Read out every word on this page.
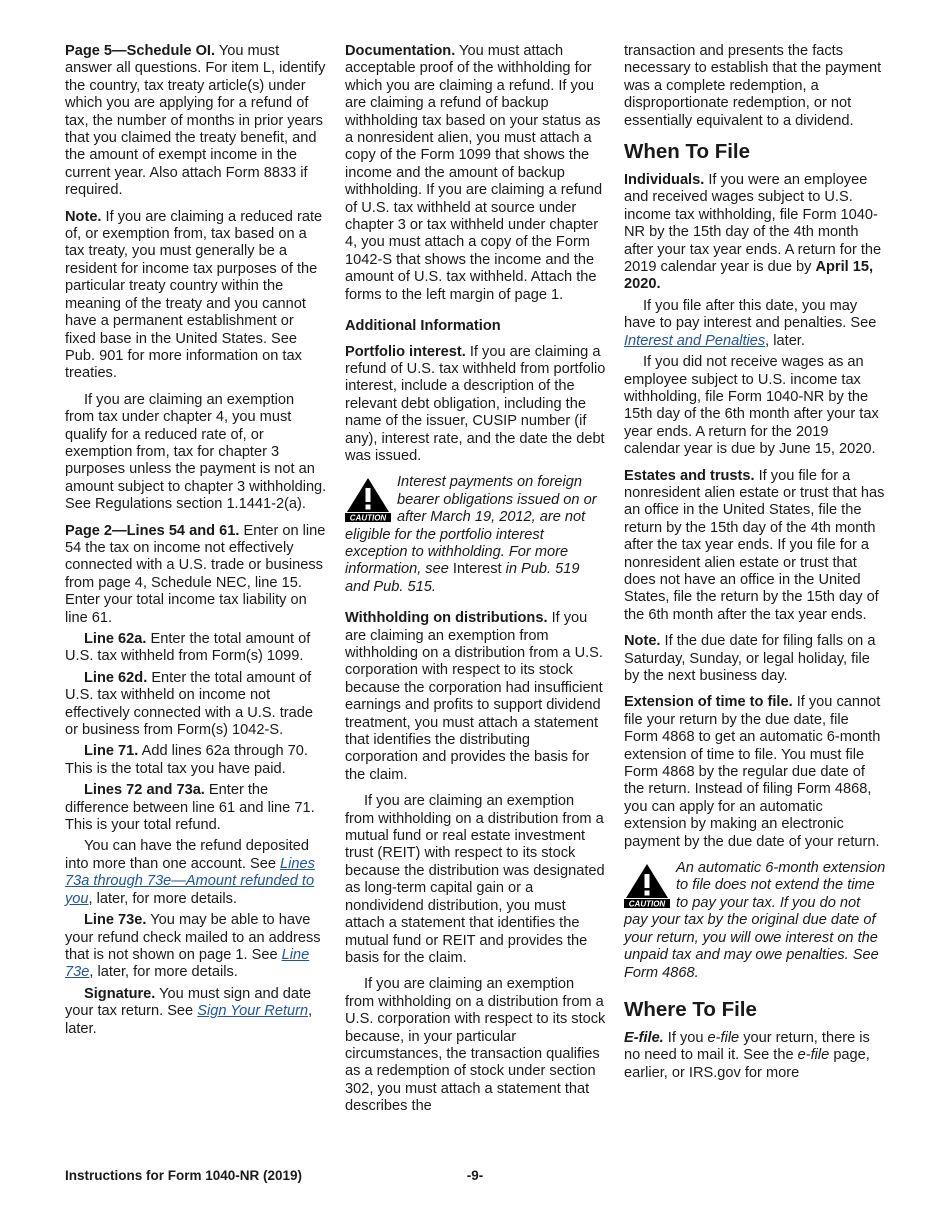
Page 5—Schedule OI. You must answer all questions. For item L, identify the country, tax treaty article(s) under which you are applying for a refund of tax, the number of months in prior years that you claimed the treaty benefit, and the amount of exempt income in the current year. Also attach Form 8833 if required.

Note. If you are claiming a reduced rate of, or exemption from, tax based on a tax treaty, you must generally be a resident for income tax purposes of the particular treaty country within the meaning of the treaty and you cannot have a permanent establishment or fixed base in the United States. See Pub. 901 for more information on tax treaties.

If you are claiming an exemption from tax under chapter 4, you must qualify for a reduced rate of, or exemption from, tax for chapter 3 purposes unless the payment is not an amount subject to chapter 3 withholding. See Regulations section 1.1441-2(a).

Page 2—Lines 54 and 61. Enter on line 54 the tax on income not effectively connected with a U.S. trade or business from page 4, Schedule NEC, line 15. Enter your total income tax liability on line 61.

Line 62a. Enter the total amount of U.S. tax withheld from Form(s) 1099.

Line 62d. Enter the total amount of U.S. tax withheld on income not effectively connected with a U.S. trade or business from Form(s) 1042-S.

Line 71. Add lines 62a through 70. This is the total tax you have paid.

Lines 72 and 73a. Enter the difference between line 61 and line 71. This is your total refund.

You can have the refund deposited into more than one account. See Lines 73a through 73e—Amount refunded to you, later, for more details.

Line 73e. You may be able to have your refund check mailed to an address that is not shown on page 1. See Line 73e, later, for more details.

Signature. You must sign and date your tax return. See Sign Your Return, later.

Documentation. You must attach acceptable proof of the withholding for which you are claiming a refund. If you are claiming a refund of backup withholding tax based on your status as a nonresident alien, you must attach a copy of the Form 1099 that shows the income and the amount of backup withholding. If you are claiming a refund of U.S. tax withheld at source under chapter 3 or tax withheld under chapter 4, you must attach a copy of the Form 1042-S that shows the income and the amount of U.S. tax withheld. Attach the forms to the left margin of page 1.

Additional Information

Portfolio interest. If you are claiming a refund of U.S. tax withheld from portfolio interest, include a description of the relevant debt obligation, including the name of the issuer, CUSIP number (if any), interest rate, and the date the debt was issued.

CAUTION
Interest payments on foreign bearer obligations issued on or after March 19, 2012, are not eligible for the portfolio interest exception to withholding. For more information, see Interest in Pub. 519 and Pub. 515.

Withholding on distributions. If you are claiming an exemption from withholding on a distribution from a U.S. corporation with respect to its stock because the corporation had insufficient earnings and profits to support dividend treatment, you must attach a statement that identifies the distributing corporation and provides the basis for the claim.

If you are claiming an exemption from withholding on a distribution from a mutual fund or real estate investment trust (REIT) with respect to its stock because the distribution was designated as long-term capital gain or a nondividend distribution, you must attach a statement that identifies the mutual fund or REIT and provides the basis for the claim.

If you are claiming an exemption from withholding on a distribution from a U.S. corporation with respect to its stock because, in your particular circumstances, the transaction qualifies as a redemption of stock under section 302, you must attach a statement that describes the

transaction and presents the facts necessary to establish that the payment was a complete redemption, a disproportionate redemption, or not essentially equivalent to a dividend.

When To File

Individuals. If you were an employee and received wages subject to U.S. income tax withholding, file Form 1040-NR by the 15th day of the 4th month after your tax year ends. A return for the 2019 calendar year is due by April 15, 2020.

If you file after this date, you may have to pay interest and penalties. See Interest and Penalties, later.

If you did not receive wages as an employee subject to U.S. income tax withholding, file Form 1040-NR by the 15th day of the 6th month after your tax year ends. A return for the 2019 calendar year is due by June 15, 2020.

Estates and trusts. If you file for a nonresident alien estate or trust that has an office in the United States, file the return by the 15th day of the 4th month after the tax year ends. If you file for a nonresident alien estate or trust that does not have an office in the United States, file the return by the 15th day of the 6th month after the tax year ends.

Note. If the due date for filing falls on a Saturday, Sunday, or legal holiday, file by the next business day.

Extension of time to file. If you cannot file your return by the due date, file Form 4868 to get an automatic 6-month extension of time to file. You must file Form 4868 by the regular due date of the return. Instead of filing Form 4868, you can apply for an automatic extension by making an electronic payment by the due date of your return.

CAUTION
An automatic 6-month extension to file does not extend the time to pay your tax. If you do not pay your tax by the original due date of your return, you will owe interest on the unpaid tax and may owe penalties. See Form 4868.
Where To File

E-file. If you e-file your return, there is no need to mail it. See the e-file page, earlier, or IRS.gov for more

Instructions for Form 1040-NR (2019)	-9-
